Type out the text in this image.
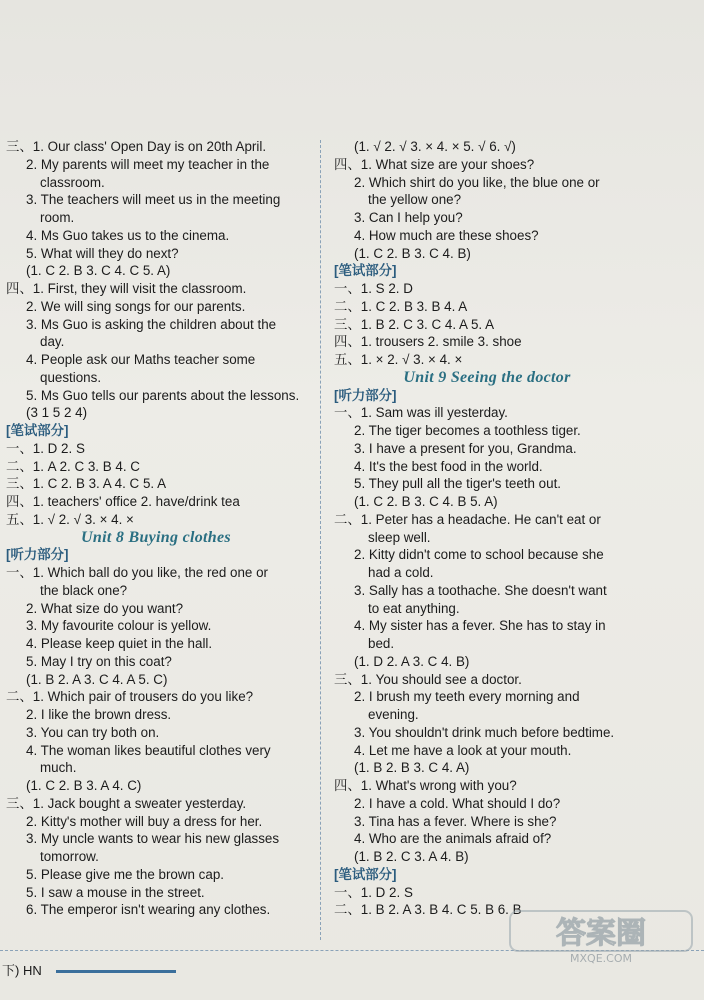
三、1. Our class' Open Day is on 20th April.
2. My parents will meet my teacher in the
classroom.
3. The teachers will meet us in the meeting
room.
4. Ms Guo takes us to the cinema.
5. What will they do next?
(1. C 2. B 3. C 4. C 5. A)
四、1. First, they will visit the classroom.
2. We will sing songs for our parents.
3. Ms Guo is asking the children about the
day.
4. People ask our Maths teacher some
questions.
5. Ms Guo tells our parents about the lessons.
(3 1 5 2 4)
[笔试部分]
一、1. D 2. S
二、1. A 2. C 3. B 4. C
三、1. C 2. B 3. A 4. C 5. A
四、1. teachers' office 2. have/drink tea
五、1. √ 2. √ 3. × 4. ×
Unit 8 Buying clothes
[听力部分]
一、1. Which ball do you like, the red one or
the black one?
2. What size do you want?
3. My favourite colour is yellow.
4. Please keep quiet in the hall.
5. May I try on this coat?
(1. B 2. A 3. C 4. A 5. C)
二、1. Which pair of trousers do you like?
2. I like the brown dress.
3. You can try both on.
4. The woman likes beautiful clothes very
much.
(1. C 2. B 3. A 4. C)
三、1. Jack bought a sweater yesterday.
2. Kitty's mother will buy a dress for her.
3. My uncle wants to wear his new glasses
tomorrow.
5. Please give me the brown cap.
5. I saw a mouse in the street.
6. The emperor isn't wearing any clothes.
(1. √ 2. √ 3. × 4. × 5. √ 6. √)
四、1. What size are your shoes?
2. Which shirt do you like, the blue one or
the yellow one?
3. Can I help you?
4. How much are these shoes?
(1. C 2. B 3. C 4. B)
[笔试部分]
一、1. S 2. D
二、1. C 2. B 3. B 4. A
三、1. B 2. C 3. C 4. A 5. A
四、1. trousers 2. smile 3. shoe
五、1. × 2. √ 3. × 4. ×
Unit 9 Seeing the doctor
[听力部分]
一、1. Sam was ill yesterday.
2. The tiger becomes a toothless tiger.
3. I have a present for you, Grandma.
4. It's the best food in the world.
5. They pull all the tiger's teeth out.
(1. C 2. B 3. C 4. B 5. A)
二、1. Peter has a headache. He can't eat or
sleep well.
2. Kitty didn't come to school because she
had a cold.
3. Sally has a toothache. She doesn't want
to eat anything.
4. My sister has a fever. She has to stay in
bed.
(1. D 2. A 3. C 4. B)
三、1. You should see a doctor.
2. I brush my teeth every morning and
evening.
3. You shouldn't drink much before bedtime.
4. Let me have a look at your mouth.
(1. B 2. B 3. C 4. A)
四、1. What's wrong with you?
2. I have a cold. What should I do?
3. Tina has a fever. Where is she?
4. Who are the animals afraid of?
(1. B 2. C 3. A 4. B)
[笔试部分]
一、1. D 2. S
二、1. B 2. A 3. B 4. C 5. B 6. B
下) HN
答案圈
MXQE.COM
